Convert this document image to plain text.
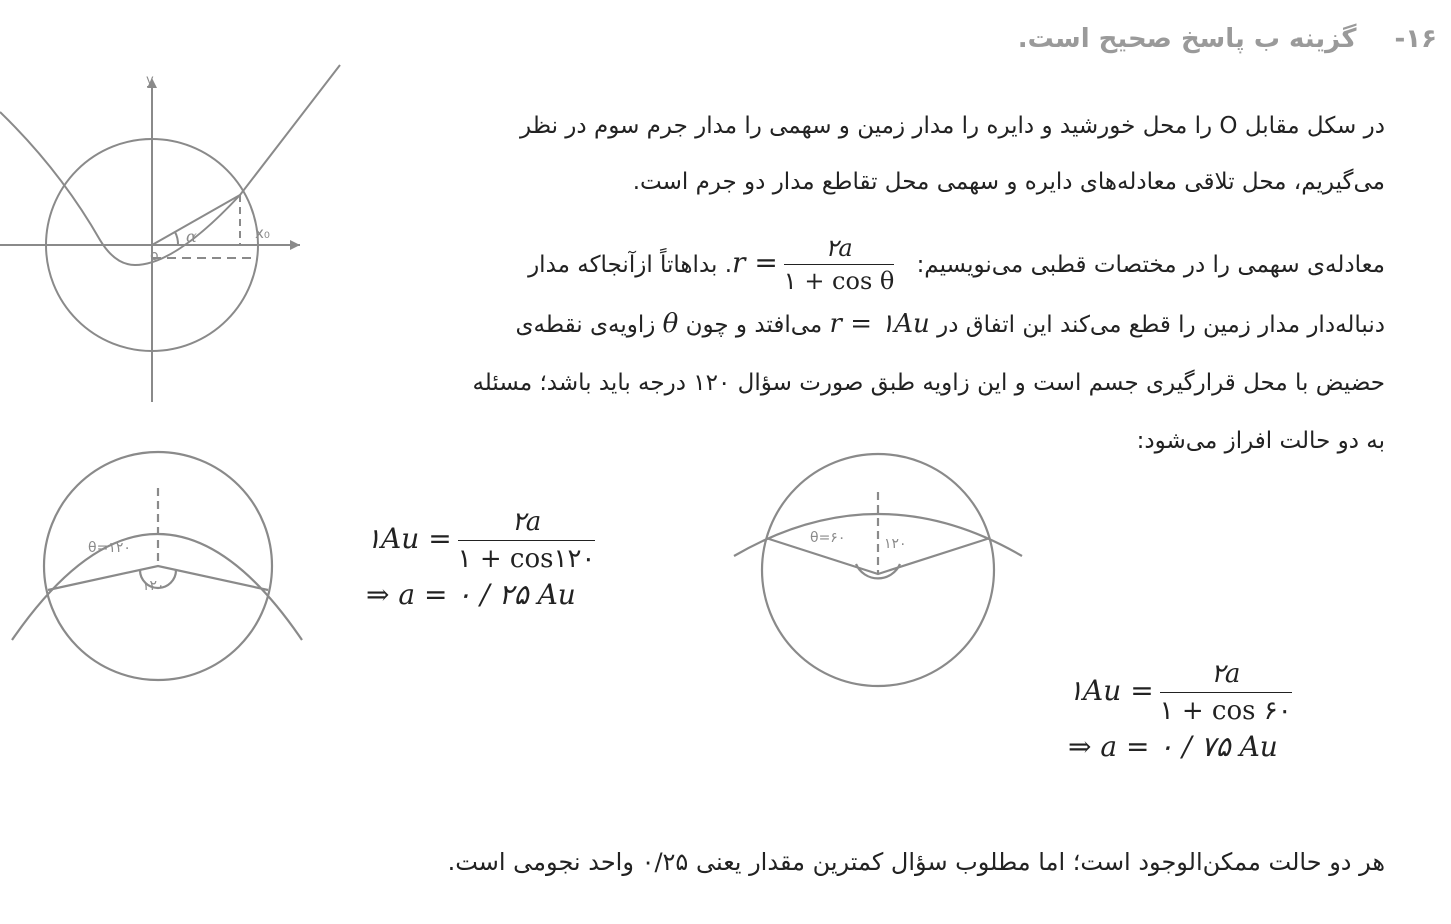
۱۶-گزینه ب پاسخ صحیح است.
در سکل مقابل O را محل خورشید و دایره را مدار زمین و سهمی را مدار جرم سوم در نظر
می‌گیریم، محل تلاقی معادله‌های دایره و سهمی محل تقاطع مدار دو جرم است.
معادله‌ی سهمی را در مختصات قطبی می‌نویسیم: $r = \frac{۲a}{\text{۱ + cos θ}}$
. بداهاتاً ازآنجاکه مدار
دنباله‌دار مدار زمین را قطع می‌کند این اتفاق در r = ۱Au می‌افتد و چون θ زاویه‌ی نقطه‌ی
حضیض با محل قرارگیری جسم است و این زاویه طبق صورت سؤال ۱۲۰ درجه باید باشد؛ مسئله
به دو حالت افراز می‌شود:
۱Au = $\frac{۲a}{۱ + \cos ۱۲۰}$
⇒ a = ۰ / ۲۵ Au
۱Au = $\frac{۲a}{۱ + \cos ۶۰}$
⇒ a = ۰ / ۷۵ Au
y
o
α	x₀
θ=۱۲۰
۱۲۰
θ=۶۰	۱۲۰
هر دو حالت ممکن‌الوجود است؛ اما مطلوب سؤال کمترین مقدار یعنی ۰/۲۵ واحد نجومی است.
